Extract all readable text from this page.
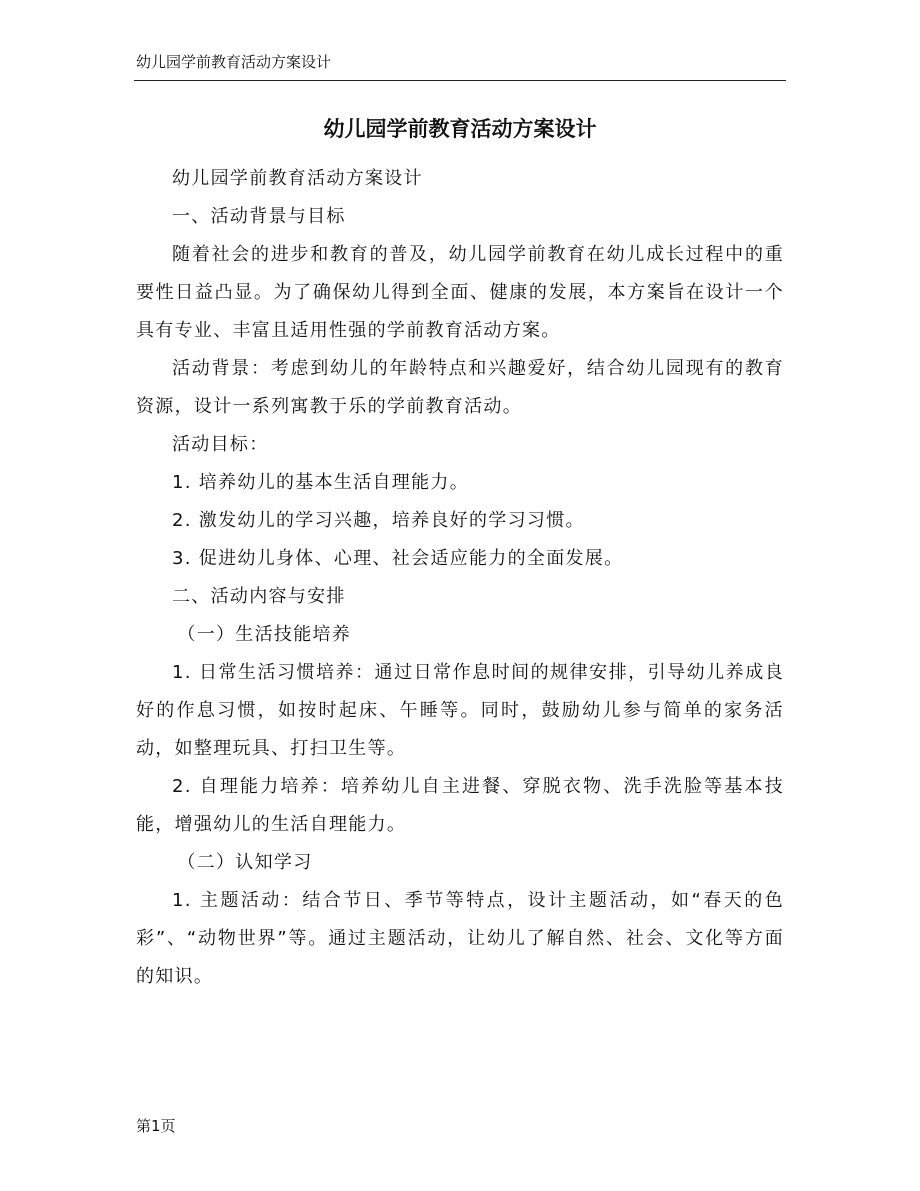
幼儿园学前教育活动方案设计
幼儿园学前教育活动方案设计

幼儿园学前教育活动方案设计

一、活动背景与目标

随着社会的进步和教育的普及，幼儿园学前教育在幼儿成长过程中的重要性日益凸显。为了确保幼儿得到全面、健康的发展，本方案旨在设计一个具有专业、丰富且适用性强的学前教育活动方案。

活动背景：考虑到幼儿的年龄特点和兴趣爱好，结合幼儿园现有的教育资源，设计一系列寓教于乐的学前教育活动。

活动目标：

1. 培养幼儿的基本生活自理能力。

2. 激发幼儿的学习兴趣，培养良好的学习习惯。

3. 促进幼儿身体、心理、社会适应能力的全面发展。

二、活动内容与安排

（一）生活技能培养

1. 日常生活习惯培养：通过日常作息时间的规律安排，引导幼儿养成良好的作息习惯，如按时起床、午睡等。同时，鼓励幼儿参与简单的家务活动，如整理玩具、打扫卫生等。

2. 自理能力培养：培养幼儿自主进餐、穿脱衣物、洗手洗脸等基本技能，增强幼儿的生活自理能力。

（二）认知学习

1. 主题活动：结合节日、季节等特点，设计主题活动，如“春天的色彩”、“动物世界”等。通过主题活动，让幼儿了解自然、社会、文化等方面的知识。

第1页
